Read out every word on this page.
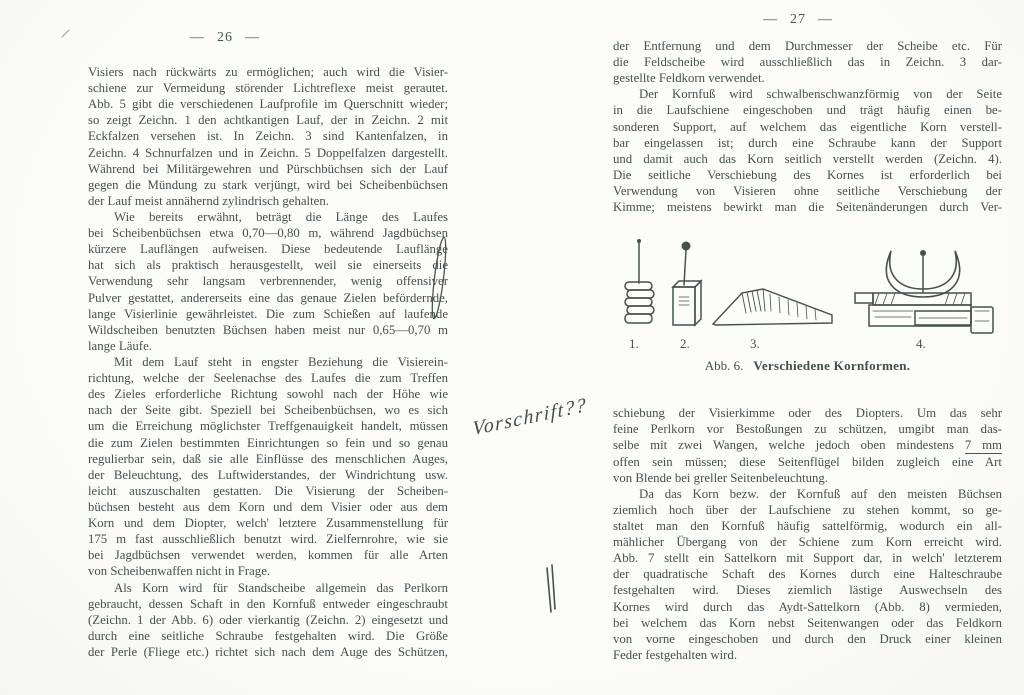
— 26 —
— 27 —
Visiers nach rückwärts zu ermöglichen; auch wird die Visier-
schiene zur Vermeidung störender Lichtreflexe meist gerautet.
Abb. 5 gibt die verschiedenen Laufprofile im Querschnitt wieder;
so zeigt Zeichn. 1 den achtkantigen Lauf, der in Zeichn. 2 mit
Eckfalzen versehen ist. In Zeichn. 3 sind Kantenfalzen, in
Zeichn. 4 Schnurfalzen und in Zeichn. 5 Doppelfalzen dargestellt.
Während bei Militärgewehren und Pürschbüchsen sich der Lauf
gegen die Mündung zu stark verjüngt, wird bei Scheibenbüchsen
der Lauf meist annähernd zylindrisch gehalten.
Wie bereits erwähnt, beträgt die Länge des Laufes
bei Scheibenbüchsen etwa 0,70—0,80 m, während Jagdbüchsen
kürzere Lauflängen aufweisen. Diese bedeutende Lauflänge
hat sich als praktisch herausgestellt, weil sie einerseits die
Verwendung sehr langsam verbrennender, wenig offensiver
Pulver gestattet, andererseits eine das genaue Zielen befördernde,
lange Visierlinie gewährleistet. Die zum Schießen auf laufende
Wildscheiben benutzten Büchsen haben meist nur 0,65—0,70 m
lange Läufe.
Mit dem Lauf steht in engster Beziehung die Visierein-
richtung, welche der Seelenachse des Laufes die zum Treffen
des Zieles erforderliche Richtung sowohl nach der Höhe wie
nach der Seite gibt. Speziell bei Scheibenbüchsen, wo es sich
um die Erreichung möglichster Treffgenauigkeit handelt, müssen
die zum Zielen bestimmten Einrichtungen so fein und so genau
regulierbar sein, daß sie alle Einflüsse des menschlichen Auges,
der Beleuchtung, des Luftwiderstandes, der Windrichtung usw.
leicht auszuschalten gestatten. Die Visierung der Scheiben-
büchsen besteht aus dem Korn und dem Visier oder aus dem
Korn und dem Diopter, welch' letztere Zusammenstellung für
175 m fast ausschließlich benutzt wird. Zielfernrohre, wie sie
bei Jagdbüchsen verwendet werden, kommen für alle Arten
von Scheibenwaffen nicht in Frage.
Als Korn wird für Standscheibe allgemein das Perlkorn
gebraucht, dessen Schaft in den Kornfuß entweder eingeschraubt
(Zeichn. 1 der Abb. 6) oder vierkantig (Zeichn. 2) eingesetzt und
durch eine seitliche Schraube festgehalten wird. Die Größe
der Perle (Fliege etc.) richtet sich nach dem Auge des Schützen,
der Entfernung und dem Durchmesser der Scheibe etc. Für
die Feldscheibe wird ausschließlich das in Zeichn. 3 dar-
gestellte Feldkorn verwendet.
Der Kornfuß wird schwalbenschwanzförmig von der Seite
in die Laufschiene eingeschoben und trägt häufig einen be-
sonderen Support, auf welchem das eigentliche Korn verstell-
bar eingelassen ist; durch eine Schraube kann der Support
und damit auch das Korn seitlich verstellt werden (Zeichn. 4).
Die seitliche Verschiebung des Kornes ist erforderlich bei
Verwendung von Visieren ohne seitliche Verschiebung der
Kimme; meistens bewirkt man die Seitenänderungen durch Ver-
1.	2.	3.	4.
Abb. 6. Verschiedene Kornformen.
schiebung der Visierkimme oder des Diopters. Um das sehr
feine Perlkorn vor Bestoßungen zu schützen, umgibt man das-
selbe mit zwei Wangen, welche jedoch oben mindestens 7 mm
offen sein müssen; diese Seitenflügel bilden zugleich eine Art
von Blende bei greller Seitenbeleuchtung.
Da das Korn bezw. der Kornfuß auf den meisten Büchsen
ziemlich hoch über der Laufschiene zu stehen kommt, so ge-
staltet man den Kornfuß häufig sattelförmig, wodurch ein all-
mählicher Übergang von der Schiene zum Korn erreicht wird.
Abb. 7 stellt ein Sattelkorn mit Support dar, in welch' letzterem
der quadratische Schaft des Kornes durch eine Halteschraube
festgehalten wird. Dieses ziemlich lästige Auswechseln des
Kornes wird durch das Aydt-Sattelkorn (Abb. 8) vermieden,
bei welchem das Korn nebst Seitenwangen oder das Feldkorn
von vorne eingeschoben und durch den Druck einer kleinen
Feder festgehalten wird.
Vorschrift??
